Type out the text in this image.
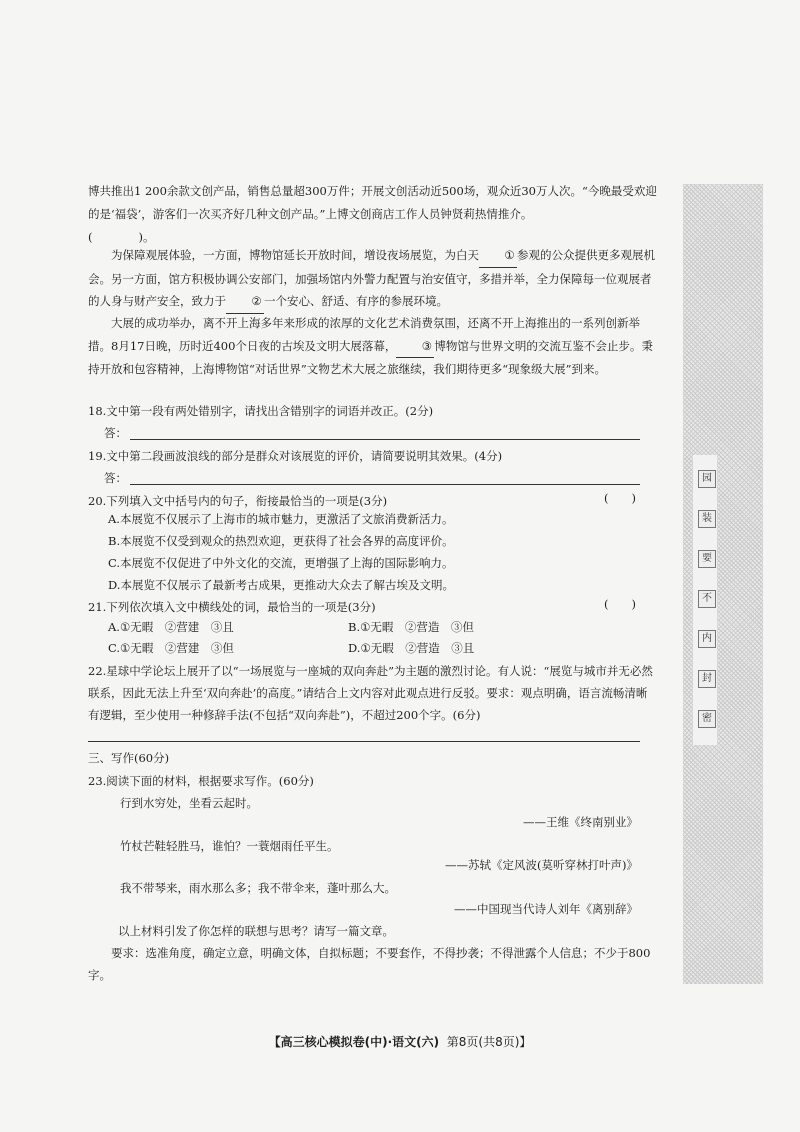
博共推出1 200余款文创产品，销售总量超300万件；开展文创活动近500场，观众近30万人次。“今晚最受欢迎的是‘福袋’，游客们一次买齐好几种文创产品。”上博文创商店工作人员钟贤莉热情推介。
(　　　　)。
为保障观展体验，一方面，博物馆延长开放时间，增设夜场展览，为白天 ① 参观的公众提供更多观展机会。另一方面，馆方积极协调公安部门，加强场馆内外警力配置与治安值守，多措并举，全力保障每一位观展者的人身与财产安全，致力于 ② 一个安心、舒适、有序的参展环境。
大展的成功举办，离不开上海多年来形成的浓厚的文化艺术消费氛围，还离不开上海推出的一系列创新举措。8月17日晚，历时近400个日夜的古埃及文明大展落幕， ③ 博物馆与世界文明的交流互鉴不会止步。秉持开放和包容精神，上海博物馆“对话世界”文物艺术大展之旅继续，我们期待更多“现象级大展”到来。
18.文中第一段有两处错别字，请找出含错别字的词语并改正。(2分)
答：
19.文中第二段画波浪线的部分是群众对该展览的评价，请简要说明其效果。(4分)
答：
20.下列填入文中括号内的句子，衔接最恰当的一项是(3分)	(　　)
A.本展览不仅展示了上海市的城市魅力，更激活了文旅消费新活力。
B.本展览不仅受到观众的热烈欢迎，更获得了社会各界的高度评价。
C.本展览不仅促进了中外文化的交流，更增强了上海的国际影响力。
D.本展览不仅展示了最新考古成果，更推动大众去了解古埃及文明。
21.下列依次填入文中横线处的词，最恰当的一项是(3分)	(　　)
A.①无暇　②营建　③且	B.①无暇　②营造　③但
C.①无暇　②营建　③但	D.①无暇　②营造　③且
22.星球中学论坛上展开了以“一场展览与一座城的双向奔赴”为主题的激烈讨论。有人说：“展览与城市并无必然联系，因此无法上升至‘双向奔赴’的高度。”请结合上文内容对此观点进行反驳。要求：观点明确，语言流畅清晰有逻辑，至少使用一种修辞手法(不包括“双向奔赴”)，不超过200个字。(6分)
三、写作(60分)
23.阅读下面的材料，根据要求写作。(60分)
行到水穷处，坐看云起时。
——王维《终南别业》
竹杖芒鞋轻胜马，谁怕？一蓑烟雨任平生。
——苏轼《定风波(莫听穿林打叶声)》
我不带琴来，雨水那么多；我不带伞来，蓬叶那么大。
——中国现当代诗人刘年《离别辞》
以上材料引发了你怎样的联想与思考？请写一篇文章。
要求：选准角度，确定立意，明确文体，自拟标题；不要套作，不得抄袭；不得泄露个人信息；不少于800字。
【高三核心模拟卷(中)·语文(六) 第8页(共8页)】
园
装
要
不
内
封
密
